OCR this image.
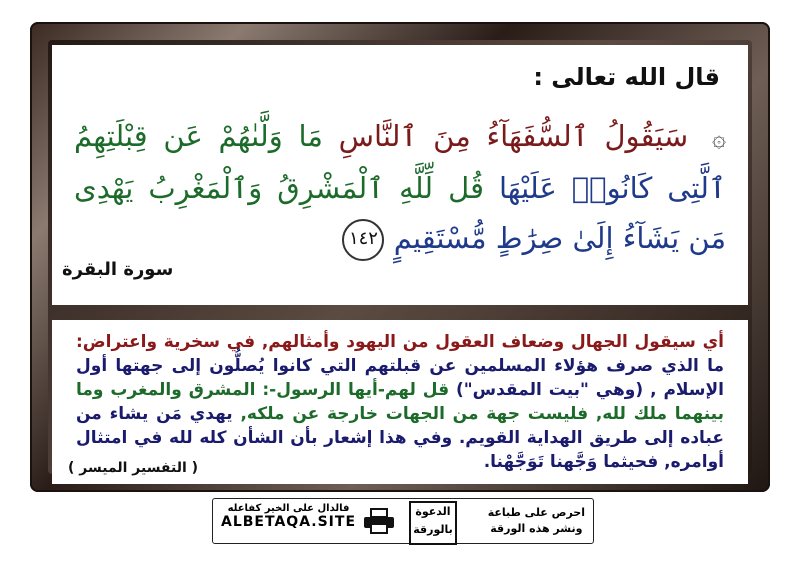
قال الله تعالى :
۞ سَيَقُولُ ٱلسُّفَهَآءُ مِنَ ٱلنَّاسِ مَا وَلَّىٰهُمْ عَن قِبْلَتِهِمُ ٱلَّتِى كَانُوا۟ عَلَيْهَا قُل لِّلَّهِ ٱلْمَشْرِقُ وَٱلْمَغْرِبُ يَهْدِى مَن يَشَآءُ إِلَىٰ صِرَٰطٍ مُّسْتَقِيمٍ ١٤٢
سورة البقرة
أي سيقول الجهال وضعاف العقول من اليهود وأمثالهم, في سخرية واعتراض: ما الذي صرف هؤلاء المسلمين عن قبلتهم التي كانوا يُصلُّون إلى جهتها أول الإسلام , (وهي "بيت المقدس") قل لهم-أيها الرسول-: المشرق والمغرب وما بينهما ملك لله, فليست جهة من الجهات خارجة عن ملكه, يهدي مَن يشاء من عباده إلى طريق الهداية القويم. وفي هذا إشعار بأن الشأن كله لله في امتثال أوامره, فحيثما وَجَّهنا تَوَجَّهْنا.
( التفسير الميسر )
احرص على طباعة
ونشر هذه الورقة
الدعوة
بالورقة
فالدال على الخير كفاعله
ALBETAQA.SITE
